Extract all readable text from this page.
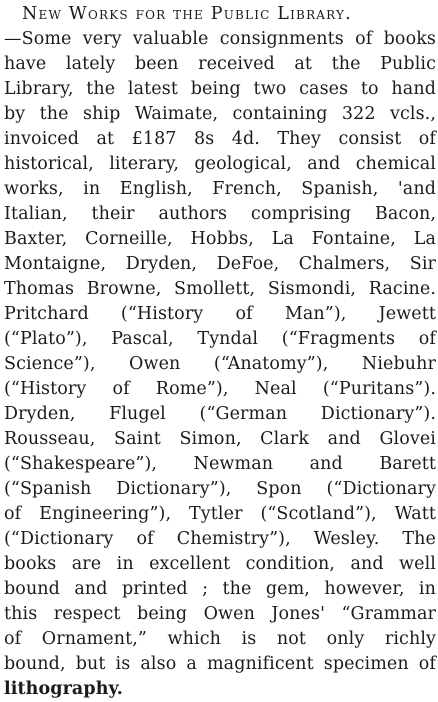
New Works for the Public Library.
—Some very valuable consignments of books
have lately been received at the Public
Library, the latest being two cases to hand
by the ship Waimate, containing 322 vcls.,
invoiced at £187 8s 4d. They consist of
historical, literary, geological, and chemical
works, in English, French, Spanish, 'and
Italian, their authors comprising Bacon,
Baxter, Corneille, Hobbs, La Fontaine, La
Montaigne, Dryden, DeFoe, Chalmers, Sir
Thomas Browne, Smollett, Sismondi, Racine.
Pritchard (“History of Man”), Jewett
(“Plato”), Pascal, Tyndal (“Fragments of
Science”), Owen (“Anatomy”), Niebuhr
(“History of Rome”), Neal (“Puritans”).
Dryden, Flugel (“German Dictionary”).
Rousseau, Saint Simon, Clark and Glovei
(“Shakespeare”), Newman and Barett
(“Spanish Dictionary”), Spon (“Dictionary
of Engineering”), Tytler (“Scotland”), Watt
(“Dictionary of Chemistry”), Wesley. The
books are in excellent condition, and well
bound and printed ; the gem, however, in
this respect being Owen Jones' “Grammar
of Ornament,” which is not only richly
bound, but is also a magnificent specimen of
lithography.
